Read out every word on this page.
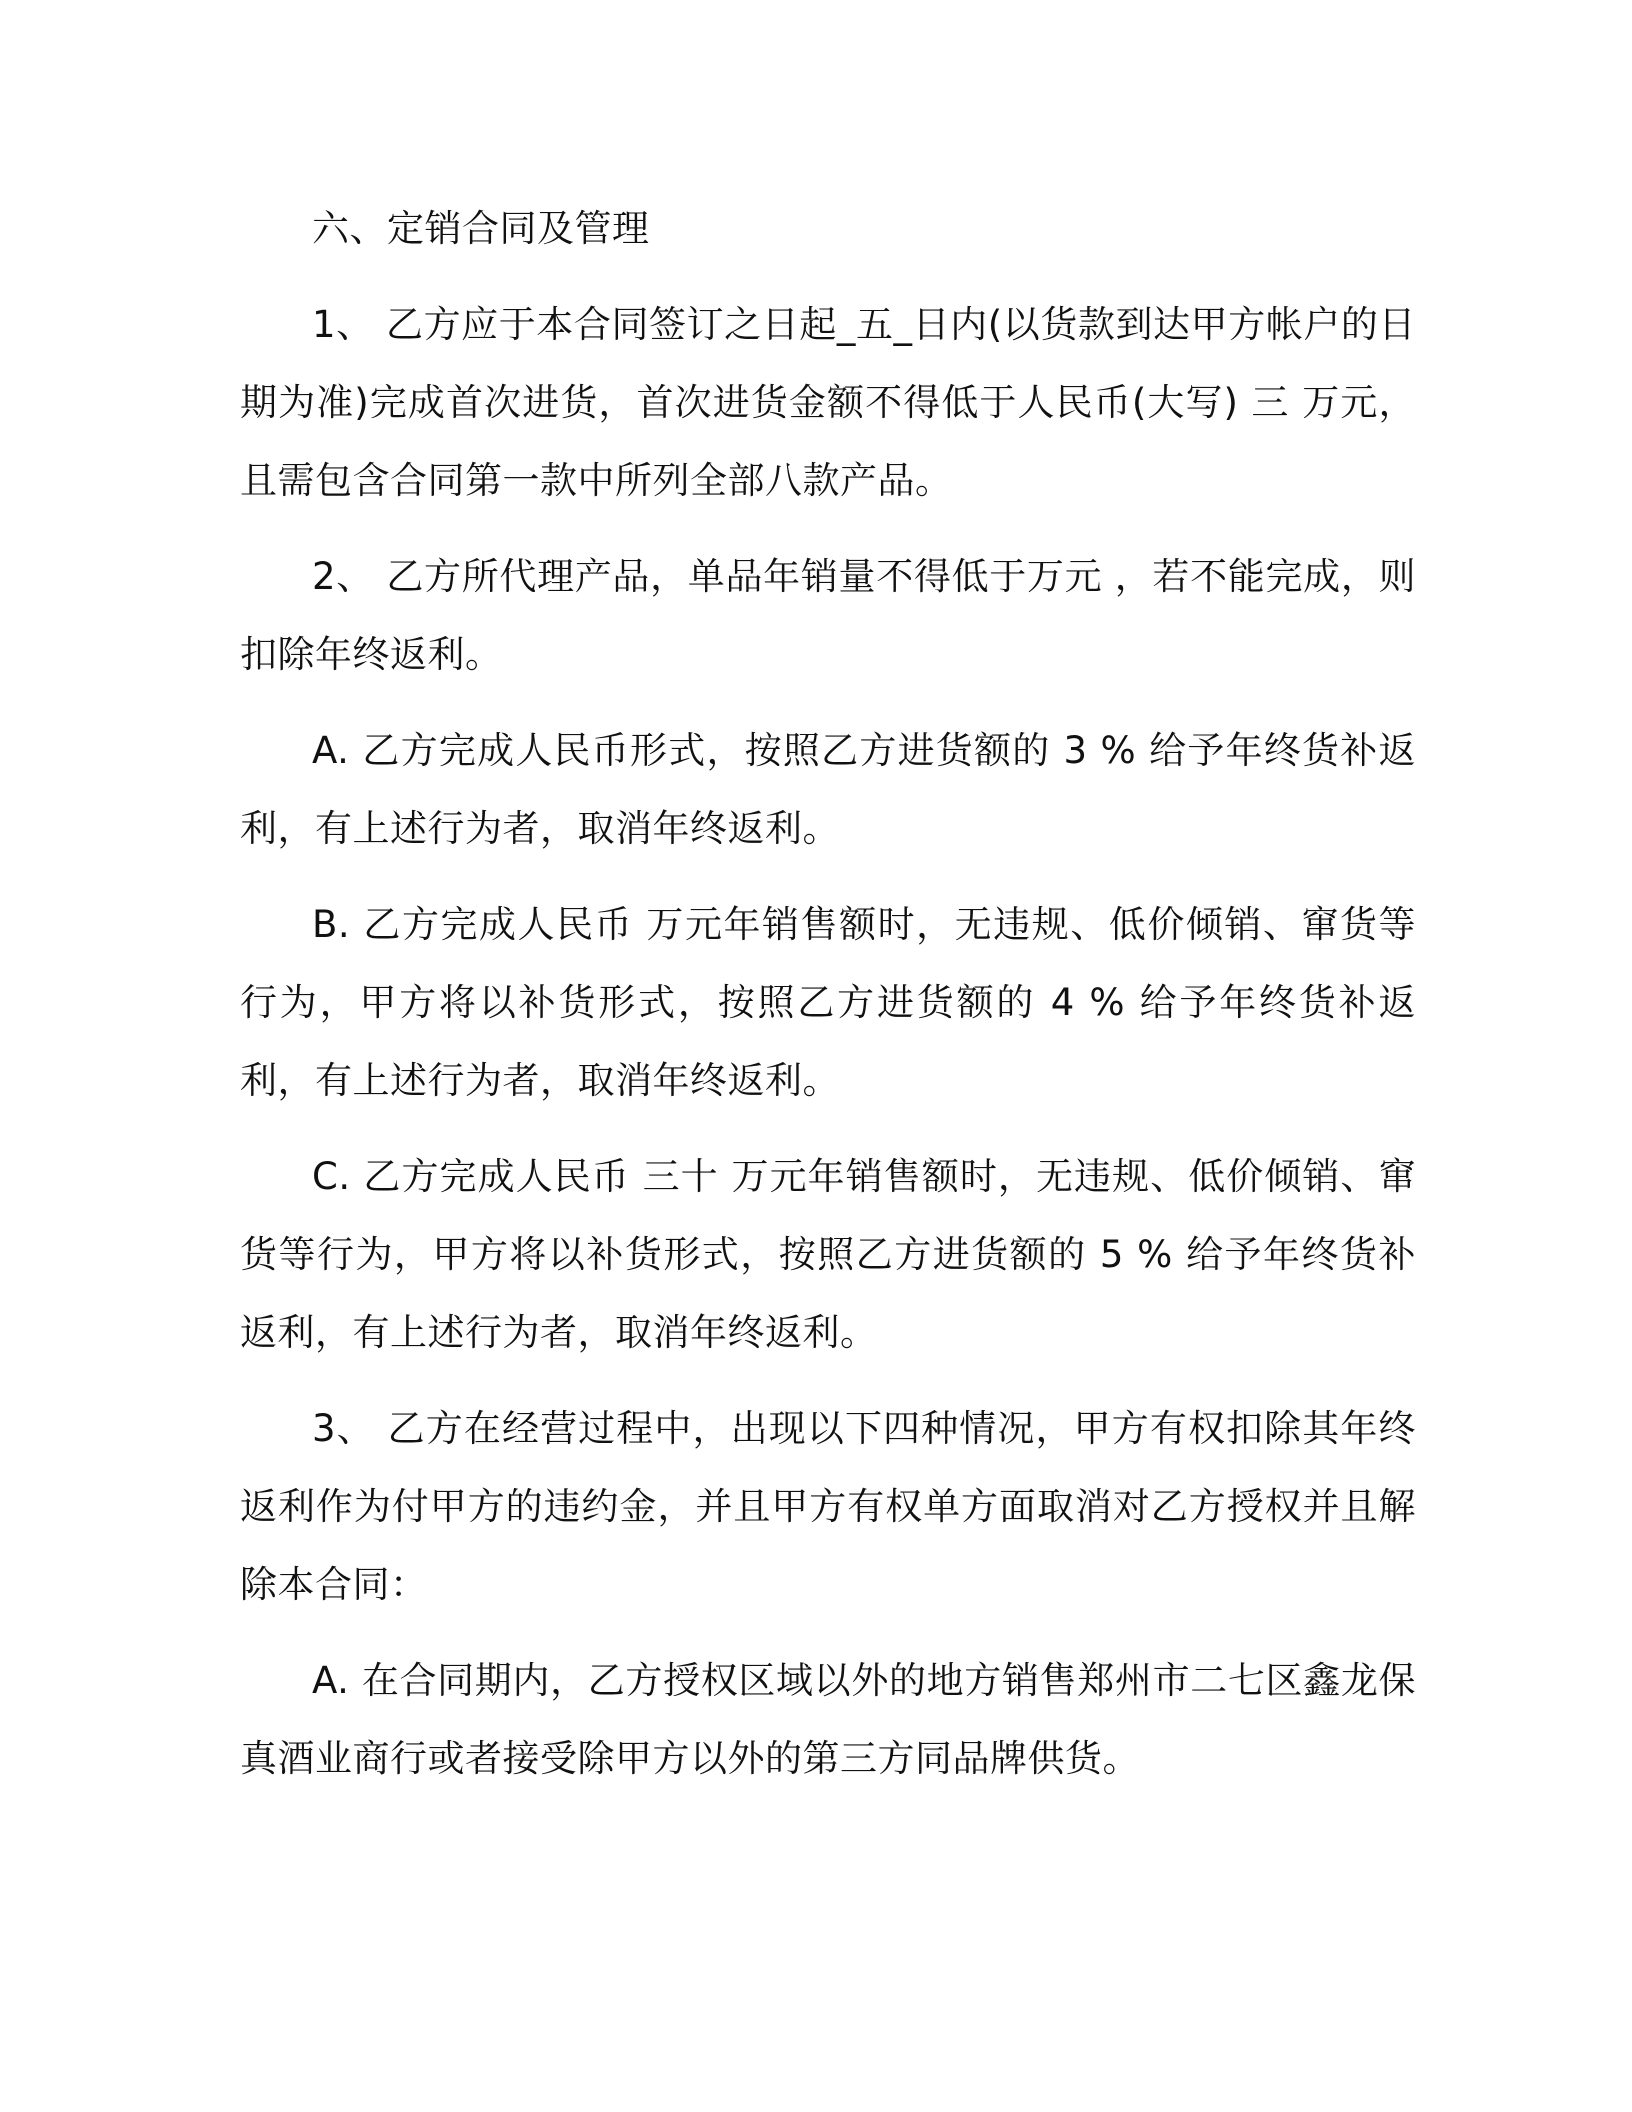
六、定销合同及管理

1、 乙方应于本合同签订之日起_五_日内(以货款到达甲方帐户的日期为准)完成首次进货，首次进货金额不得低于人民币(大写) 三 万元，且需包含合同第一款中所列全部八款产品。

2、 乙方所代理产品，单品年销量不得低于万元 ，若不能完成，则扣除年终返利。

A. 乙方完成人民币形式，按照乙方进货额的 3 % 给予年终货补返利，有上述行为者，取消年终返利。

B. 乙方完成人民币 万元年销售额时，无违规、低价倾销、窜货等行为，甲方将以补货形式，按照乙方进货额的 4 % 给予年终货补返利，有上述行为者，取消年终返利。

C. 乙方完成人民币 三十 万元年销售额时，无违规、低价倾销、窜货等行为，甲方将以补货形式，按照乙方进货额的 5 % 给予年终货补返利，有上述行为者，取消年终返利。

3、 乙方在经营过程中，出现以下四种情况，甲方有权扣除其年终返利作为付甲方的违约金，并且甲方有权单方面取消对乙方授权并且解除本合同：

A. 在合同期内，乙方授权区域以外的地方销售郑州市二七区鑫龙保真酒业商行或者接受除甲方以外的第三方同品牌供货。
